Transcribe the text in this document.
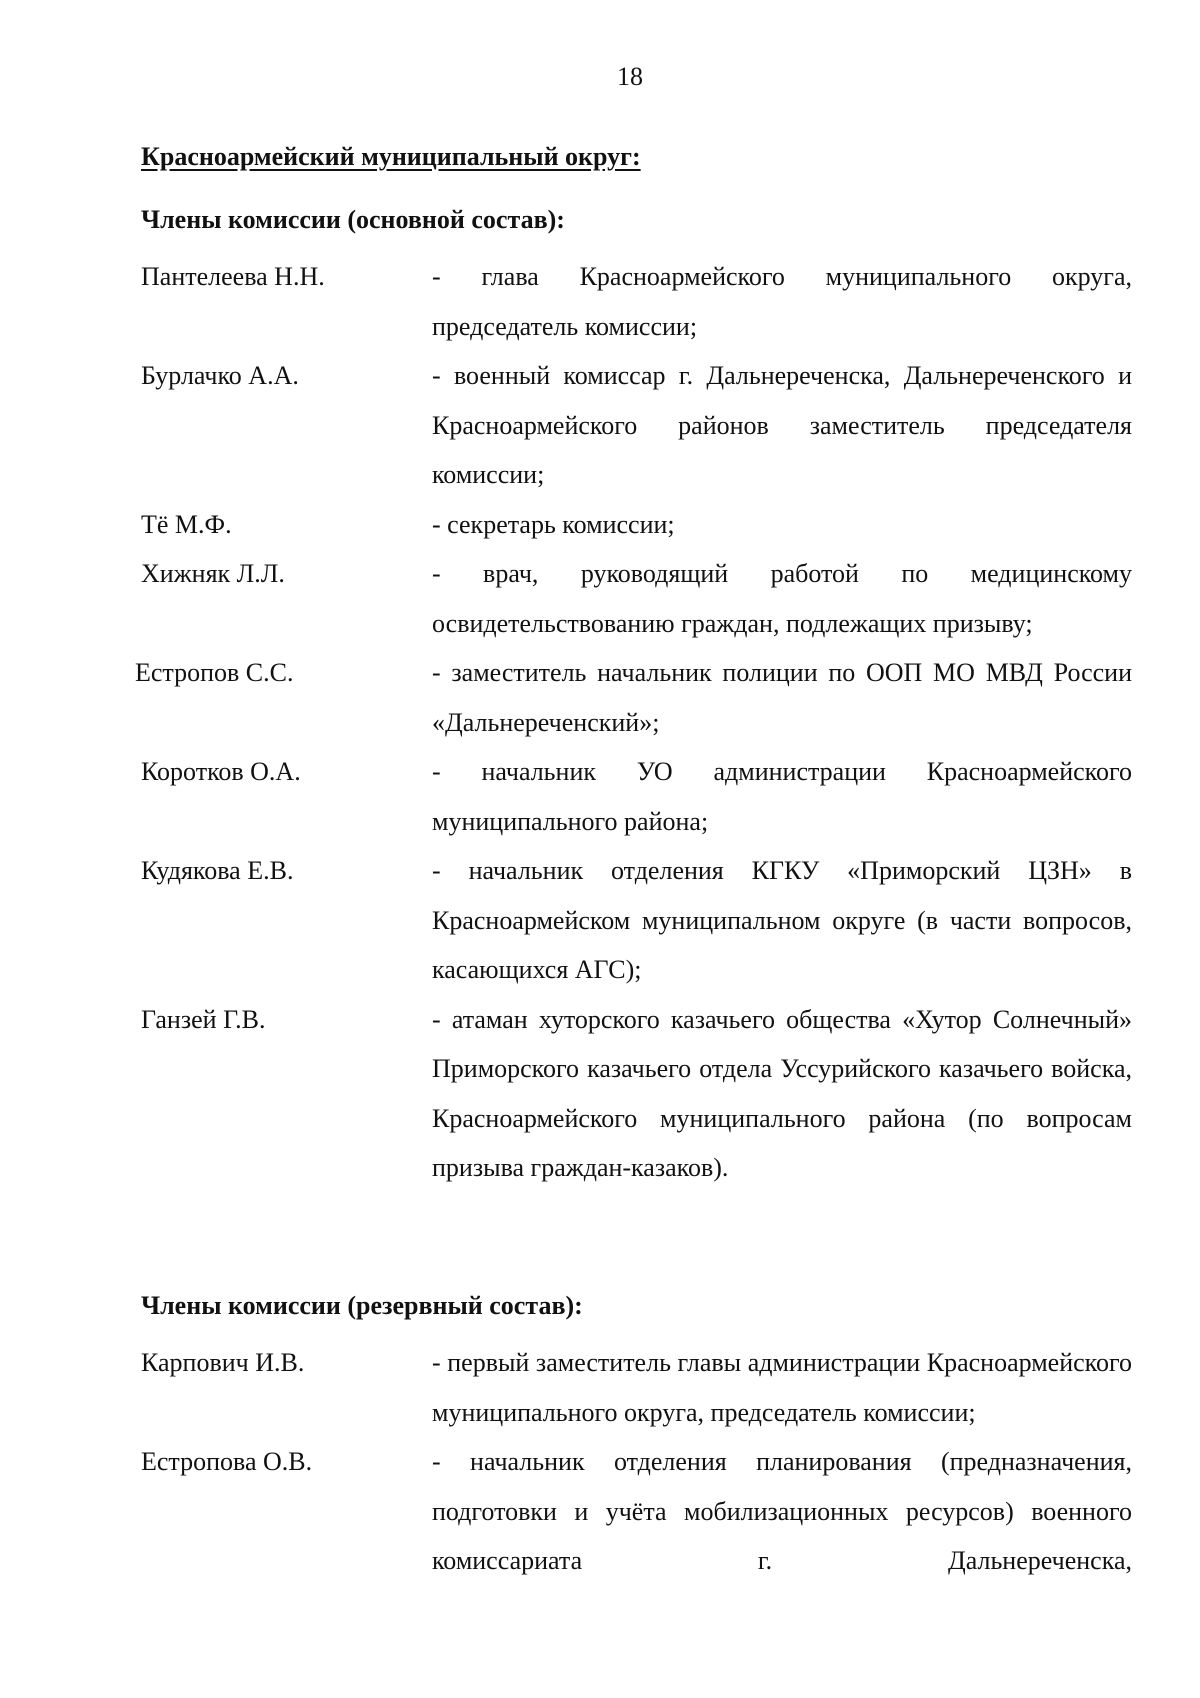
18
Красноармейский муниципальный округ:
Члены комиссии (основной состав):
Пантелеева Н.Н.	- глава Красноармейского муниципального округа, председатель комиссии;
Бурлачко А.А.	- военный комиссар г. Дальнереченска, Дальнереченского и Красноармейского районов заместитель председателя комиссии;
Тё М.Ф.	- секретарь комиссии;
Хижняк Л.Л.	- врач, руководящий работой по медицинскому освидетельствованию граждан, подлежащих призыву;
Естропов С.С.	- заместитель начальник полиции по ООП МО МВД России «Дальнереченский»;
Коротков О.А.	- начальник УО администрации Красноармейского муниципального района;
Кудякова Е.В.	- начальник отделения КГКУ «Приморский ЦЗН» в Красноармейском муниципальном округе (в части вопросов, касающихся АГС);
Ганзей Г.В.	- атаман хуторского казачьего общества «Хутор Солнечный» Приморского казачьего отдела Уссурийского казачьего войска, Красноармейского муниципального района (по вопросам призыва граждан-казаков).
Члены комиссии (резервный состав):
Карпович И.В.	- первый заместитель главы администрации Красноармейского муниципального округа, председатель комиссии;
Естропова О.В.	- начальник отделения планирования (предназначения, подготовки и учёта мобилизационных ресурсов) военного комиссариата г. Дальнереченска,
